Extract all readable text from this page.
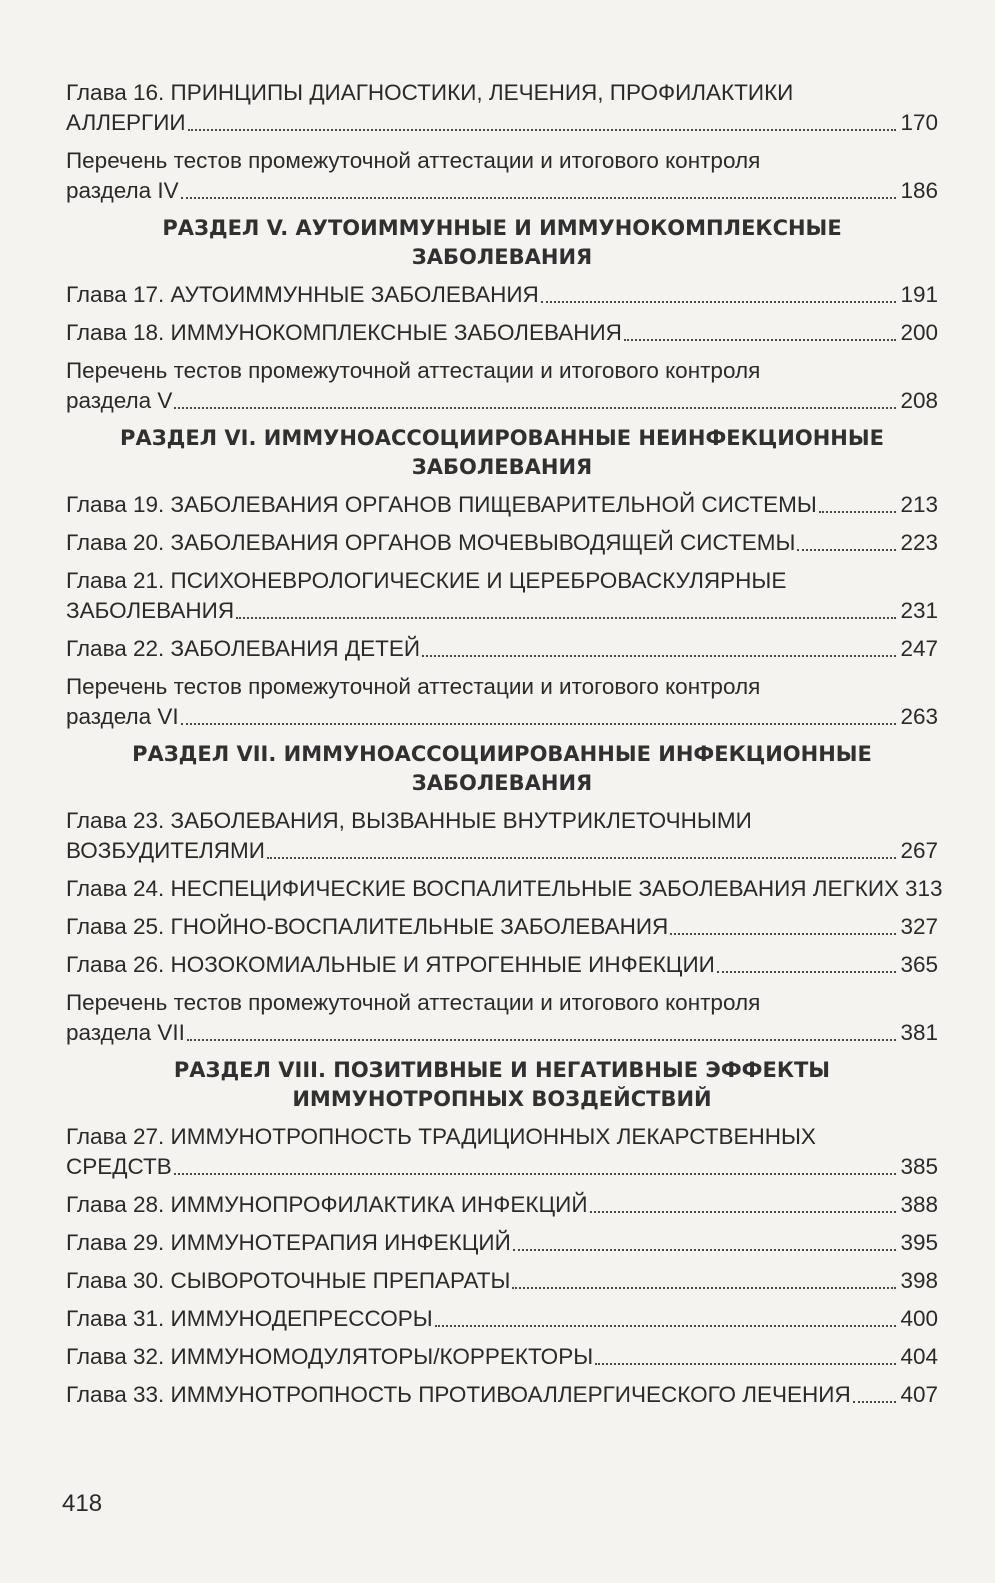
Глава 16. ПРИНЦИПЫ ДИАГНОСТИКИ, ЛЕЧЕНИЯ, ПРОФИЛАКТИКИ
АЛЛЕРГИИ	170
Перечень тестов промежуточной аттестации и итогового контроля
раздела IV	186
РАЗДЕЛ V. АУТОИММУННЫЕ И ИММУНОКОМПЛЕКСНЫЕ
ЗАБОЛЕВАНИЯ
Глава 17. АУТОИММУННЫЕ ЗАБОЛЕВАНИЯ	191
Глава 18. ИММУНОКОМПЛЕКСНЫЕ ЗАБОЛЕВАНИЯ	200
Перечень тестов промежуточной аттестации и итогового контроля
раздела V	208
РАЗДЕЛ VI. ИММУНОАССОЦИИРОВАННЫЕ НЕИНФЕКЦИОННЫЕ
ЗАБОЛЕВАНИЯ
Глава 19. ЗАБОЛЕВАНИЯ ОРГАНОВ ПИЩЕВАРИТЕЛЬНОЙ СИСТЕМЫ	213
Глава 20. ЗАБОЛЕВАНИЯ ОРГАНОВ МОЧЕВЫВОДЯЩЕЙ СИСТЕМЫ	223
Глава 21. ПСИХОНЕВРОЛОГИЧЕСКИЕ И ЦЕРЕБРОВАСКУЛЯРНЫЕ
ЗАБОЛЕВАНИЯ	231
Глава 22. ЗАБОЛЕВАНИЯ ДЕТЕЙ	247
Перечень тестов промежуточной аттестации и итогового контроля
раздела VI	263
РАЗДЕЛ VII. ИММУНОАССОЦИИРОВАННЫЕ ИНФЕКЦИОННЫЕ
ЗАБОЛЕВАНИЯ
Глава 23. ЗАБОЛЕВАНИЯ, ВЫЗВАННЫЕ ВНУТРИКЛЕТОЧНЫМИ
ВОЗБУДИТЕЛЯМИ	267
Глава 24. НЕСПЕЦИФИЧЕСКИЕ ВОСПАЛИТЕЛЬНЫЕ ЗАБОЛЕВАНИЯ ЛЕГКИХ 313
Глава 25. ГНОЙНО-ВОСПАЛИТЕЛЬНЫЕ ЗАБОЛЕВАНИЯ	327
Глава 26. НОЗОКОМИАЛЬНЫЕ И ЯТРОГЕННЫЕ ИНФЕКЦИИ	365
Перечень тестов промежуточной аттестации и итогового контроля
раздела VII	381
РАЗДЕЛ VIII. ПОЗИТИВНЫЕ И НЕГАТИВНЫЕ ЭФФЕКТЫ
ИММУНОТРОПНЫХ ВОЗДЕЙСТВИЙ
Глава 27. ИММУНОТРОПНОСТЬ ТРАДИЦИОННЫХ ЛЕКАРСТВЕННЫХ
СРЕДСТВ	385
Глава 28. ИММУНОПРОФИЛАКТИКА ИНФЕКЦИЙ	388
Глава 29. ИММУНОТЕРАПИЯ ИНФЕКЦИЙ	395
Глава 30. СЫВОРОТОЧНЫЕ ПРЕПАРАТЫ	398
Глава 31. ИММУНОДЕПРЕССОРЫ	400
Глава 32. ИММУНОМОДУЛЯТОРЫ/КОРРЕКТОРЫ	404
Глава 33. ИММУНОТРОПНОСТЬ ПРОТИВОАЛЛЕРГИЧЕСКОГО ЛЕЧЕНИЯ 407
418
